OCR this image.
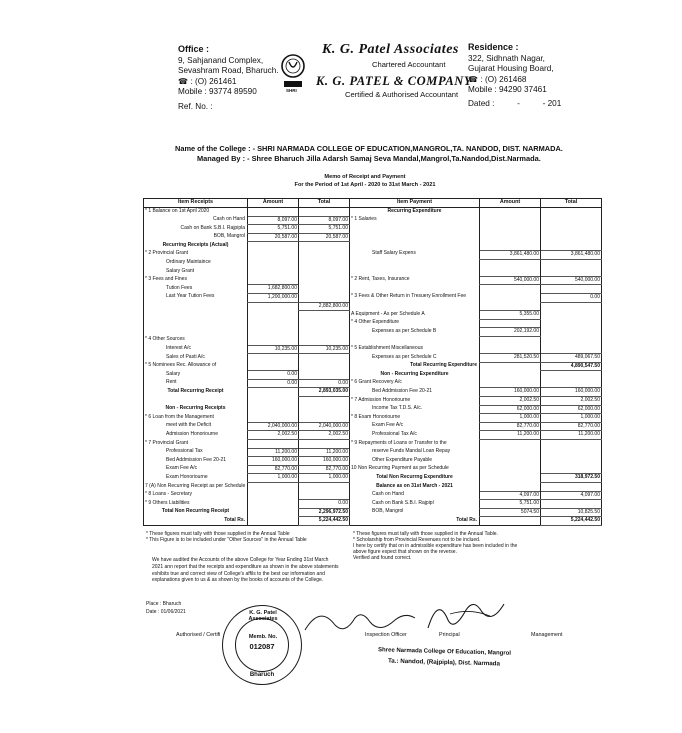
Office :
9, Sahjanand Complex,
Sevashram Road, Bharuch.
☎ : (O) 261461
Mobile : 93774 89590
Ref. No. :
SHRI
K. G. Patel Associates
Chartered Accountant
K. G. PATEL & COMPANY
Certified & Authorised Accountant
Residence :
322, Sidhnath Nagar,
Gujarat Housing Board,
☎ : (O) 261468
Mobile : 94290 37461
Dated :          -          - 201
Name of the College : - SHRI NARMADA COLLEGE OF EDUCATION,MANGROL,TA. NANDOD, DIST. NARMADA.
Managed By : - Shree Bharuch Jilla Adarsh Samaj Seva Mandal,Mangrol,Ta.Nandod,Dist.Narmada.
Memo of Receipt and Payment
For the Period of 1st April - 2020 to 31st March - 2021
Item Receipts	Amount	Total	Item Payment	Amount	Total
* 1 Balance on 1st April 2020			Recurring Expenditure		
Cash on Hand	8,097.00	8,097.00	* 1 Salaries		
Cash on Bank S.B.I. Rajpipla	5,751.00	5,751.00			
BOB, Mangrol	20,587.00	20,587.00			
Recurring Receipts (Actual)					
* 2 Provincial Grant			Staff Salary Expens	3,861,480.00	3,861,480.00
Ordinary Maintaince					
Salary Grant					
* 3 Fees and Fines			* 2 Rent, Taxes, Insurance	540,000.00	540,000.00
Tution Fees	1,682,800.00				
Last Year Tution Fees	1,200,000.00		* 3 Fees & Other Return in Tresuery Enrollment Fee		0.00
		2,882,800.00			
			A Equipment - As per Schedule A	5,355.00	
			* 4 Other Expenditure		
			Expenses as per Schedule B	202,192.00	
* 4 Other Sources					
Interest A/c	10,235.00	10,235.00	* 5 Establishment Miscellaneous		
Sales of Pasti A/c			Expenses as per Schedule C	281,520.50	489,067.50
* 5 Nominees Rec. Allowance of			Total Recurring Expenditure		4,890,547.50
Salary	0.00		Non - Recurring Expenditure		
Rent	0.00	0.00	* 6 Grant Recovery A/c		
Total Recurring Receipt		2,893,035.00	Bed Addmission Fee 20-21	160,000.00	160,000.00
			* 7 Admission Honoriourne	2,002.50	2,002.50
Non - Recurring Receipts			Income Tax T.D.S. A/c.	62,000.00	62,000.00
* 6 Loan from the Management			* 8 Exam Honoriourne	1,000.00	1,000.00
meet with the Deficit	2,040,000.00	2,040,000.00	Exam Fee A/c	82,770.00	82,770.00
Admission Honoriourne	2,002.50	2,002.50	Professional Tax A/c	11,200.00	11,200.00
* 7 Provincial Grant			* 9 Repayments of Loans or Transfer to the		
Professional Tax	11,200.00	11,200.00	reserve Funds Mandal Loan Repay		
Bed Addmission Fee 20-21	160,000.00	160,000.00	Other Expenditure Payable		
Exam Fee A/c	82,770.00	82,770.00	10 Non Recurring Payment as per Schedule		
Exam Honoriourne	1,000.00	1,000.00	Total Non Recurrng Expenditure		318,972.50
7 (A) Non Recurring Receipt as per Schedule			Balance as on 31st March - 2021		
* 8 Loans - Secretary			Cash on Hand	4,097.00	4,097.00
* 9 Others Liabilities		0.00	Cash on Bank S.B.I. Rajpipl	5,751.00	
Total Non Recurring Receipt		2,296,972.50	BOB, Mangrol	5074.50	10,825.50
Total Rs.		5,224,442.50	Total Rs.		5,224,442.50
* These figures must tally with those supplied in the Annual Table
* This Figure is to be included under "Other Sources" in the Annual Table
* These figures must tally with those supplied in the Annual Table.
* Scholarship from Provincial Revenues not to be inclued.
I here by certify that on in admissible expenditure has been included in the
above figure expect that shown on the reverse.
Verified and found correct.
We have audited the Accounts of the above College for Year Ending 31st March
2021 ann report that the receipts and expenditure as shown in the above statements
exhibits true and correct view of College's affils to the best our information and
explanations given to us & as shown by the books of accounts of the College.
Place : Bharuch
Date : 01/06/2021
Authorised / Certifi	Inspection Officer	Principal	Management
K. G. Patel Associates
Memb. No.
012087
Bharuch
Shree Narmada College Of Education, Mangrol
Ta.: Nandod, (Rajpipla), Dist. Narmada
